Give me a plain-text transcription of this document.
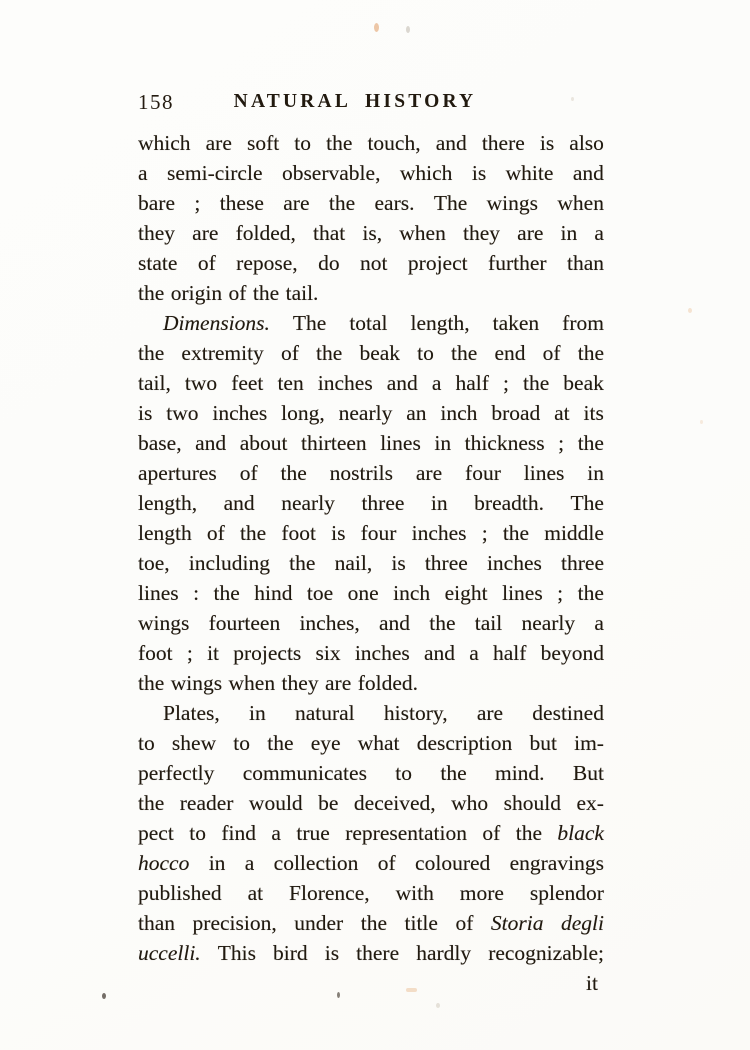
158	NATURAL HISTORY
which are soft to the touch, and there is also
a semi-circle observable, which is white and
bare ; these are the ears. The wings when
they are folded, that is, when they are in a
state of repose, do not project further than
the origin of the tail.
Dimensions. The total length, taken from
the extremity of the beak to the end of the
tail, two feet ten inches and a half ; the beak
is two inches long, nearly an inch broad at its
base, and about thirteen lines in thickness ; the
apertures of the nostrils are four lines in
length, and nearly three in breadth. The
length of the foot is four inches ; the middle
toe, including the nail, is three inches three
lines : the hind toe one inch eight lines ; the
wings fourteen inches, and the tail nearly a
foot ; it projects six inches and a half beyond
the wings when they are folded.
Plates, in natural history, are destined
to shew to the eye what description but im-
perfectly communicates to the mind. But
the reader would be deceived, who should ex-
pect to find a true representation of the black
hocco in a collection of coloured engravings
published at Florence, with more splendor
than precision, under the title of Storia degli
uccelli. This bird is there hardly recognizable;
it
